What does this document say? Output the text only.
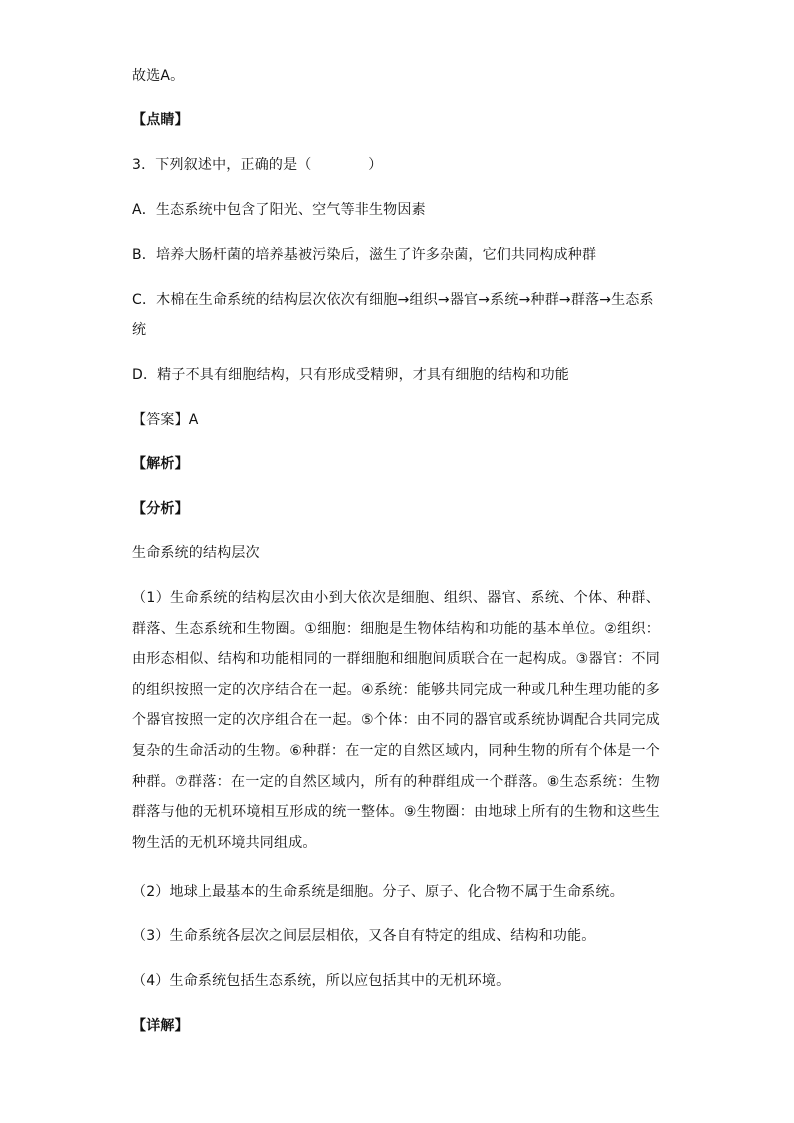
故选A。
【点睛】
3．下列叙述中，正确的是（　　　　）
A．生态系统中包含了阳光、空气等非生物因素
B．培养大肠杆菌的培养基被污染后，滋生了许多杂菌，它们共同构成种群
C．木棉在生命系统的结构层次依次有细胞→组织→器官→系统→种群→群落→生态系
统
D．精子不具有细胞结构，只有形成受精卵，才具有细胞的结构和功能
【答案】A
【解析】
【分析】
生命系统的结构层次
（1）生命系统的结构层次由小到大依次是细胞、组织、器官、系统、个体、种群、群落、生态系统和生物圈。①细胞：细胞是生物体结构和功能的基本单位。②组织：由形态相似、结构和功能相同的一群细胞和细胞间质联合在一起构成。③器官：不同的组织按照一定的次序结合在一起。④系统：能够共同完成一种或几种生理功能的多个器官按照一定的次序组合在一起。⑤个体：由不同的器官或系统协调配合共同完成复杂的生命活动的生物。⑥种群：在一定的自然区域内，同种生物的所有个体是一个种群。⑦群落：在一定的自然区域内，所有的种群组成一个群落。⑧生态系统：生物群落与他的无机环境相互形成的统一整体。⑨生物圈：由地球上所有的生物和这些生物生活的无机环境共同组成。
（2）地球上最基本的生命系统是细胞。分子、原子、化合物不属于生命系统。
（3）生命系统各层次之间层层相依，又各自有特定的组成、结构和功能。
（4）生命系统包括生态系统，所以应包括其中的无机环境。
【详解】
